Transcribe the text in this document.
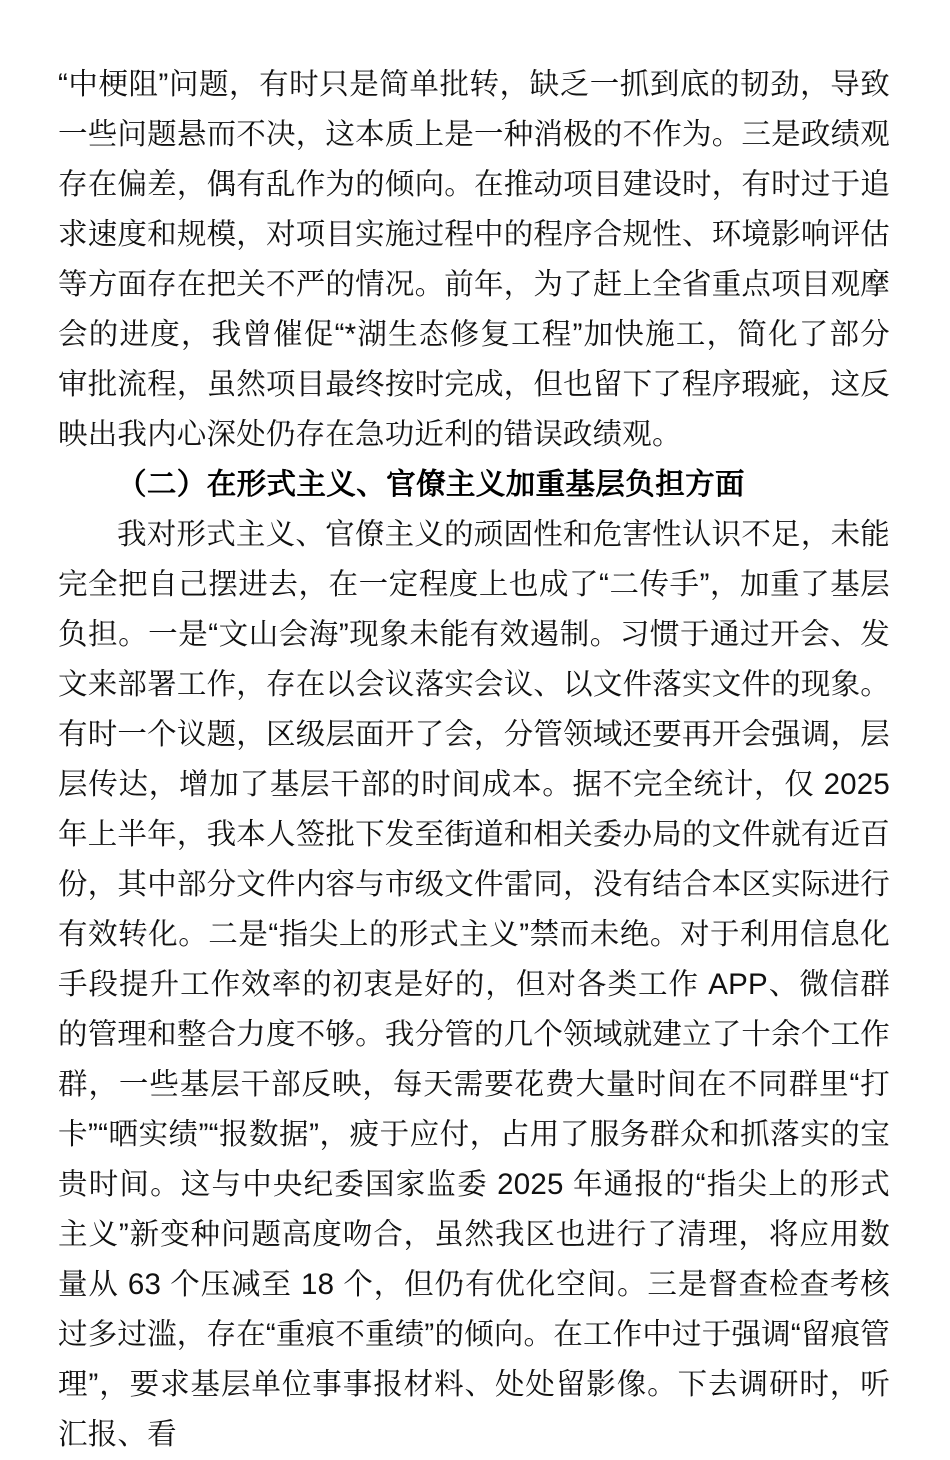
“中梗阻”问题，有时只是简单批转，缺乏一抓到底的韧劲，导致一些问题悬而不决，这本质上是一种消极的不作为。三是政绩观存在偏差，偶有乱作为的倾向。在推动项目建设时，有时过于追求速度和规模，对项目实施过程中的程序合规性、环境影响评估等方面存在把关不严的情况。前年，为了赶上全省重点项目观摩会的进度，我曾催促“*湖生态修复工程”加快施工，简化了部分审批流程，虽然项目最终按时完成，但也留下了程序瑕疵，这反映出我内心深处仍存在急功近利的错误政绩观。

（二）在形式主义、官僚主义加重基层负担方面

我对形式主义、官僚主义的顽固性和危害性认识不足，未能完全把自己摆进去，在一定程度上也成了“二传手”，加重了基层负担。一是“文山会海”现象未能有效遏制。习惯于通过开会、发文来部署工作，存在以会议落实会议、以文件落实文件的现象。有时一个议题，区级层面开了会，分管领域还要再开会强调，层层传达，增加了基层干部的时间成本。据不完全统计，仅 2025 年上半年，我本人签批下发至街道和相关委办局的文件就有近百份，其中部分文件内容与市级文件雷同，没有结合本区实际进行有效转化。二是“指尖上的形式主义”禁而未绝。对于利用信息化手段提升工作效率的初衷是好的，但对各类工作 APP、微信群的管理和整合力度不够。我分管的几个领域就建立了十余个工作群，一些基层干部反映，每天需要花费大量时间在不同群里“打卡”“晒实绩”“报数据”，疲于应付，占用了服务群众和抓落实的宝贵时间。这与中央纪委国家监委 2025 年通报的“指尖上的形式主义”新变种问题高度吻合，虽然我区也进行了清理，将应用数量从 63 个压减至 18 个，但仍有优化空间。三是督查检查考核过多过滥，存在“重痕不重绩”的倾向。在工作中过于强调“留痕管理”，要求基层单位事事报材料、处处留影像。下去调研时，听汇报、看
